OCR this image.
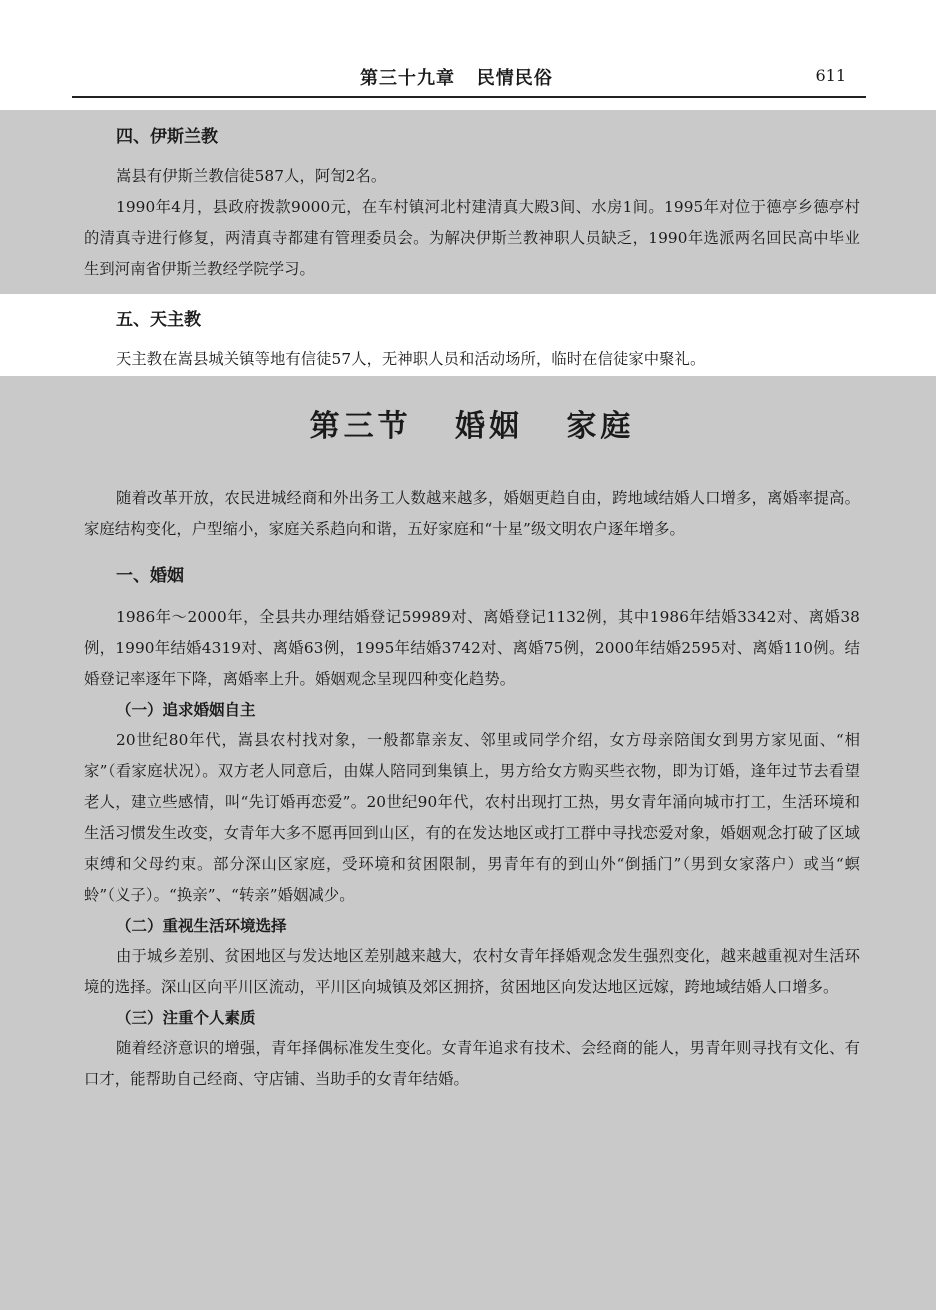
第三十九章   民情民俗	611
四、伊斯兰教

嵩县有伊斯兰教信徒587人，阿訇2名。

1990年4月，县政府拨款9000元，在车村镇河北村建清真大殿3间、水房1间。1995年对位于德亭乡德亭村的清真寺进行修复，两清真寺都建有管理委员会。为解决伊斯兰教神职人员缺乏，1990年选派两名回民高中毕业生到河南省伊斯兰教经学院学习。

五、天主教

天主教在嵩县城关镇等地有信徒57人，无神职人员和活动场所，临时在信徒家中聚礼。

第三节   婚姻   家庭

随着改革开放，农民进城经商和外出务工人数越来越多，婚姻更趋自由，跨地域结婚人口增多，离婚率提高。家庭结构变化，户型缩小，家庭关系趋向和谐，五好家庭和“十星”级文明农户逐年增多。

一、婚姻

1986年～2000年，全县共办理结婚登记59989对、离婚登记1132例，其中1986年结婚3342对、离婚38例，1990年结婚4319对、离婚63例，1995年结婚3742对、离婚75例，2000年结婚2595对、离婚110例。结婚登记率逐年下降，离婚率上升。婚姻观念呈现四种变化趋势。

（一）追求婚姻自主

20世纪80年代，嵩县农村找对象，一般都靠亲友、邻里或同学介绍，女方母亲陪闺女到男方家见面、“相家”（看家庭状况）。双方老人同意后，由媒人陪同到集镇上，男方给女方购买些衣物，即为订婚，逢年过节去看望老人，建立些感情，叫“先订婚再恋爱”。20世纪90年代，农村出现打工热，男女青年涌向城市打工，生活环境和生活习惯发生改变，女青年大多不愿再回到山区，有的在发达地区或打工群中寻找恋爱对象，婚姻观念打破了区域束缚和父母约束。部分深山区家庭，受环境和贫困限制，男青年有的到山外“倒插门”（男到女家落户）或当“螟蛉”（义子）。“换亲”、“转亲”婚姻减少。

（二）重视生活环境选择

由于城乡差别、贫困地区与发达地区差别越来越大，农村女青年择婚观念发生强烈变化，越来越重视对生活环境的选择。深山区向平川区流动，平川区向城镇及郊区拥挤，贫困地区向发达地区远嫁，跨地域结婚人口增多。

（三）注重个人素质

随着经济意识的增强，青年择偶标准发生变化。女青年追求有技术、会经商的能人，男青年则寻找有文化、有口才，能帮助自己经商、守店铺、当助手的女青年结婚。
